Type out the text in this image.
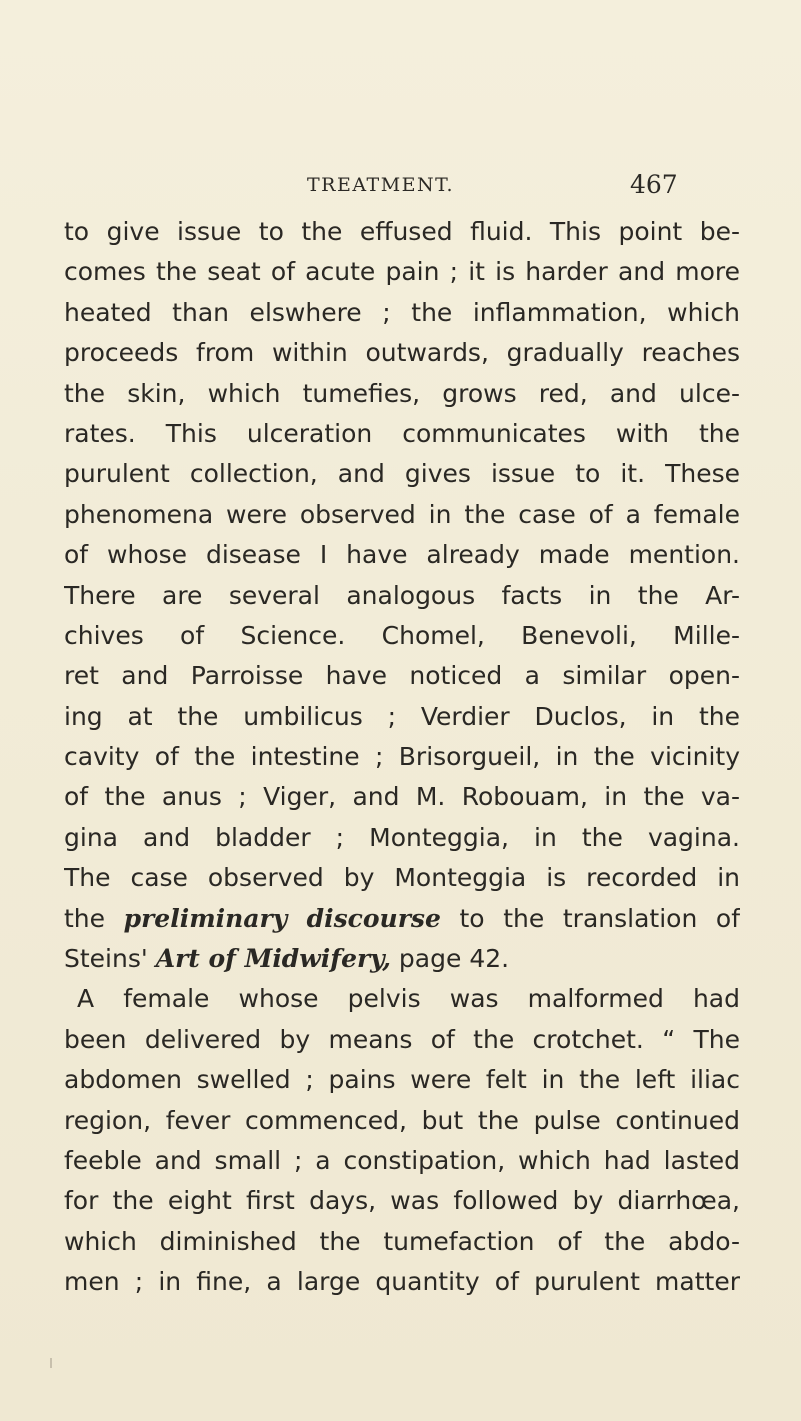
TREATMENT.	467
to give issue to the effused fluid. This point be-
comes the seat of acute pain ; it is harder and more
heated than elswhere ; the inflammation, which
proceeds from within outwards, gradually reaches
the skin, which tumefies, grows red, and ulce-
rates. This ulceration communicates with the
purulent collection, and gives issue to it. These
phenomena were observed in the case of a female
of whose disease I have already made mention.
There are several analogous facts in the Ar-
chives of Science. Chomel, Benevoli, Mille-
ret and Parroisse have noticed a similar open-
ing at the umbilicus ; Verdier Duclos, in the
cavity of the intestine ; Brisorgueil, in the vicinity
of the anus ; Viger, and M. Robouam, in the va-
gina and bladder ; Monteggia, in the vagina.
The case observed by Monteggia is recorded in
the preliminary discourse to the translation of
Steins' Art of Midwifery, page 42.
A female whose pelvis was malformed had
been delivered by means of the crotchet. “ The
abdomen swelled ; pains were felt in the left iliac
region, fever commenced, but the pulse continued
feeble and small ; a constipation, which had lasted
for the eight first days, was followed by diarrhœa,
which diminished the tumefaction of the abdo-
men ; in fine, a large quantity of purulent matter
